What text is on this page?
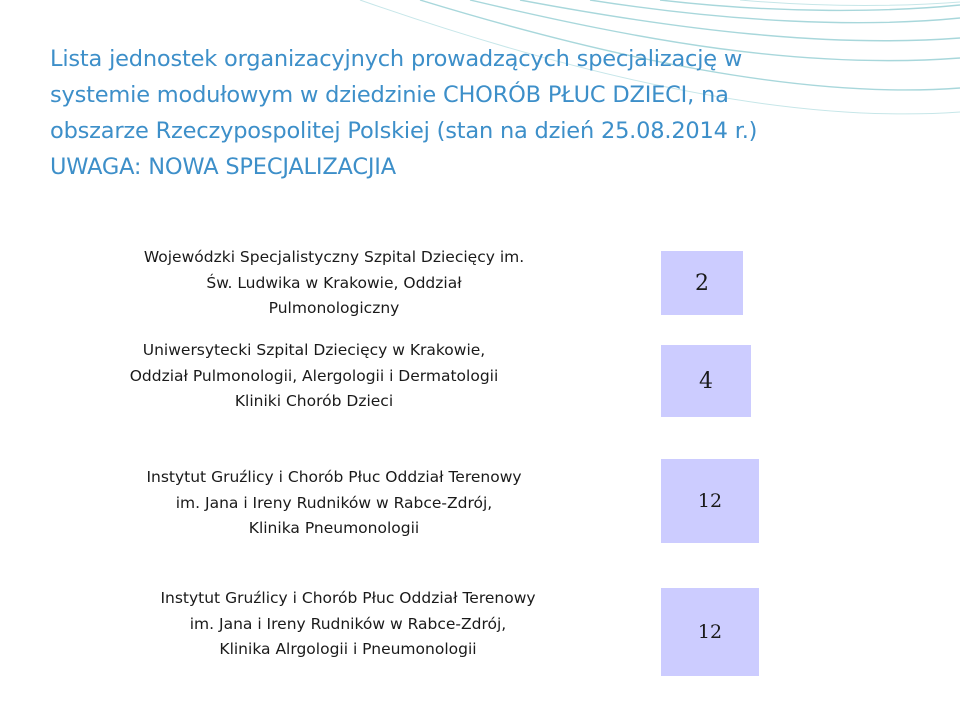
Lista jednostek organizacyjnych prowadzących specjalizację w
systemie modułowym w dziedzinie CHORÓB PŁUC DZIECI, na
obszarze Rzeczypospolitej Polskiej (stan na dzień 25.08.2014 r.)
UWAGA: NOWA SPECJALIZACJIA
Wojewódzki Specjalistyczny Szpital Dziecięcy im.
Św. Ludwika w Krakowie, Oddział
Pulmonologiczny
2
Uniwersytecki Szpital Dziecięcy w Krakowie,
Oddział Pulmonologii, Alergologii i Dermatologii
Kliniki Chorób Dzieci
4
Instytut Gruźlicy i Chorób Płuc Oddział Terenowy
im. Jana i Ireny Rudników w Rabce-Zdrój,
Klinika Pneumonologii
12
Instytut Gruźlicy i Chorób Płuc Oddział Terenowy
im. Jana i Ireny Rudników w Rabce-Zdrój,
Klinika Alrgologii i Pneumonologii
12
